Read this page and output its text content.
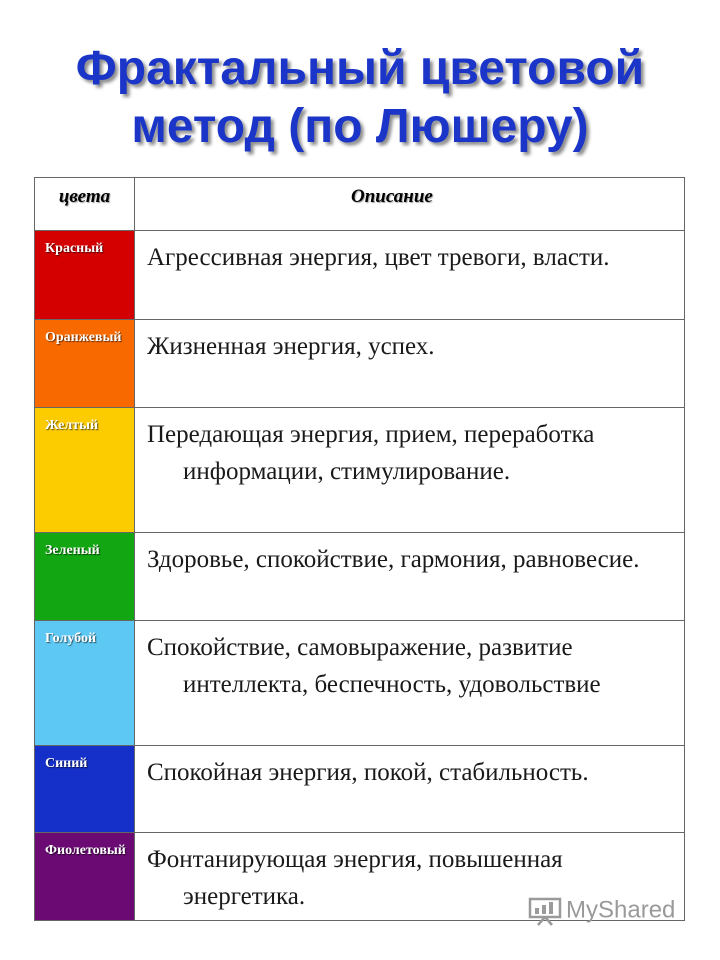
Фрактальный цветовой
метод (по Люшеру)
цвета	Описание

Красный	Агрессивная энергия, цвет тревоги, власти.

Оранжевый	Жизненная энергия, успех.

Желтый	Передающая энергия, прием, переработка информации, стимулирование.

Зеленый	Здоровье, спокойствие, гармония, равновесие.

Голубой	Спокойствие, самовыражение, развитие интеллекта, беспечность, удовольствие

Синий	Спокойная энергия, покой, стабильность.

Фиолетовый	Фонтанирующая энергия, повышенная энергетика.	MyShared
